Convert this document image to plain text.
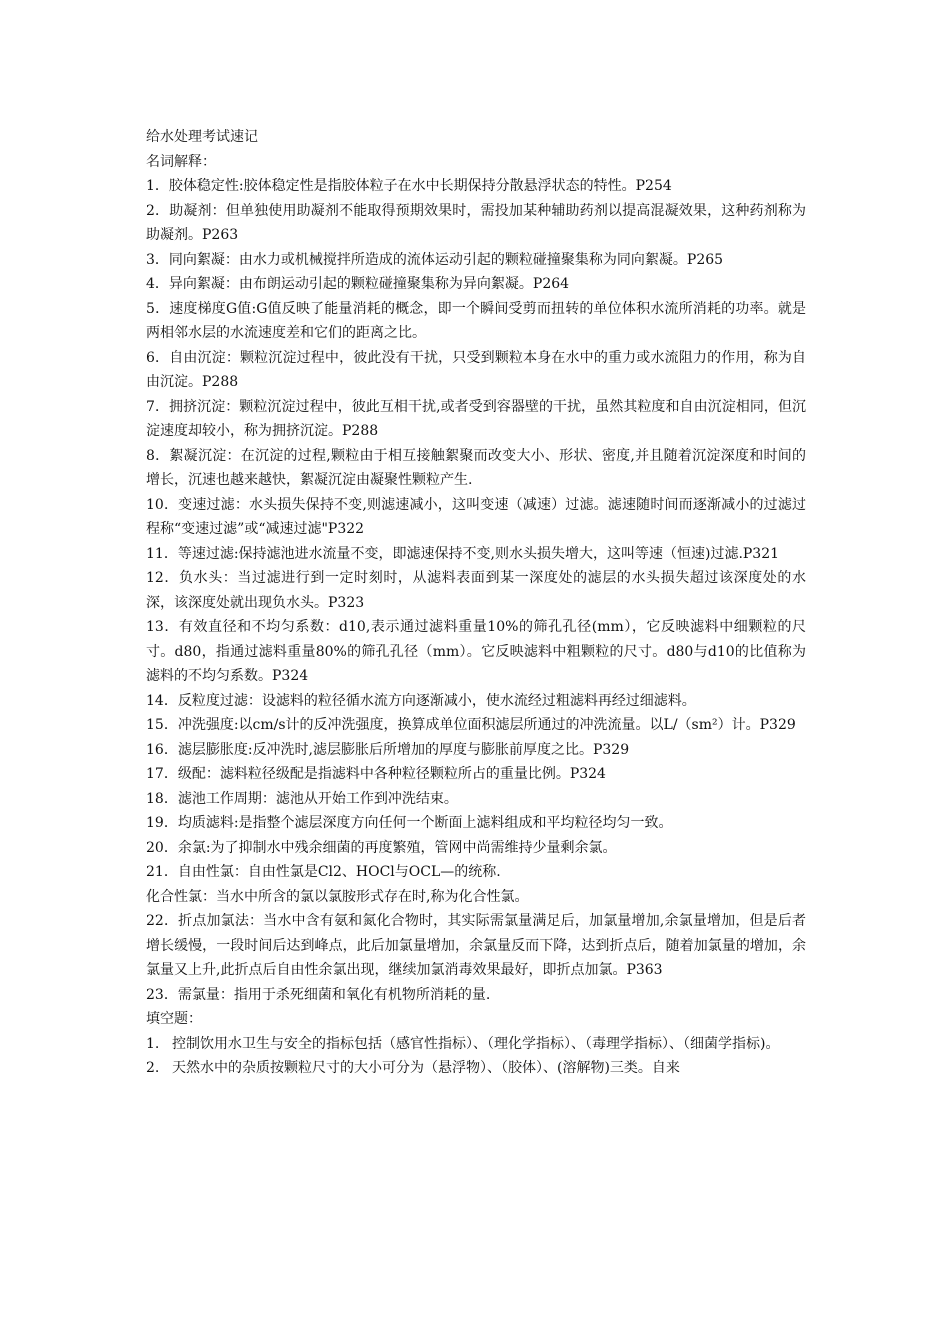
给水处理考试速记
名词解释：
1．胶体稳定性:胶体稳定性是指胶体粒子在水中长期保持分散悬浮状态的特性。P254
2．助凝剂：但单独使用助凝剂不能取得预期效果时，需投加某种辅助药剂以提高混凝效果，这种药剂称为助凝剂。P263
3．同向絮凝：由水力或机械搅拌所造成的流体运动引起的颗粒碰撞聚集称为同向絮凝。P265
4．异向絮凝：由布朗运动引起的颗粒碰撞聚集称为异向絮凝。P264
5．速度梯度G值:G值反映了能量消耗的概念，即一个瞬间受剪而扭转的单位体积水流所消耗的功率。就是两相邻水层的水流速度差和它们的距离之比。
6．自由沉淀：颗粒沉淀过程中，彼此没有干扰，只受到颗粒本身在水中的重力或水流阻力的作用，称为自由沉淀。P288
7．拥挤沉淀：颗粒沉淀过程中，彼此互相干扰,或者受到容器壁的干扰，虽然其粒度和自由沉淀相同，但沉淀速度却较小，称为拥挤沉淀。P288
8．絮凝沉淀：在沉淀的过程,颗粒由于相互接触絮聚而改变大小、形状、密度,并且随着沉淀深度和时间的增长，沉速也越来越快，絮凝沉淀由凝聚性颗粒产生.
10．变速过滤：水头损失保持不变,则滤速减小，这叫变速（减速）过滤。滤速随时间而逐渐减小的过滤过程称“变速过滤”或“减速过滤"P322
11．等速过滤:保持滤池进水流量不变，即滤速保持不变,则水头损失增大，这叫等速（恒速)过滤.P321
12．负水头：当过滤进行到一定时刻时，从滤料表面到某一深度处的滤层的水头损失超过该深度处的水深，该深度处就出现负水头。P323
13．有效直径和不均匀系数：d10,表示通过滤料重量10%的筛孔孔径(mm），它反映滤料中细颗粒的尺寸。d80，指通过滤料重量80%的筛孔孔径（mm）。它反映滤料中粗颗粒的尺寸。d80与d10的比值称为滤料的不均匀系数。P324
14．反粒度过滤：设滤料的粒径循水流方向逐渐减小，使水流经过粗滤料再经过细滤料。
15．冲洗强度:以cm/s计的反冲洗强度，换算成单位面积滤层所通过的冲洗流量。以L/（sm²）计。P329
16．滤层膨胀度:反冲洗时,滤层膨胀后所增加的厚度与膨胀前厚度之比。P329
17．级配：滤料粒径级配是指滤料中各种粒径颗粒所占的重量比例。P324
18．滤池工作周期：滤池从开始工作到冲洗结束。
19．均质滤料:是指整个滤层深度方向任何一个断面上滤料组成和平均粒径均匀一致。
20．余氯:为了抑制水中残余细菌的再度繁殖，管网中尚需维持少量剩余氯。
21．自由性氯：自由性氯是Cl2、HOCl与OCL—的统称.
化合性氯：当水中所含的氯以氯胺形式存在时,称为化合性氯。
22．折点加氯法：当水中含有氨和氮化合物时，其实际需氯量满足后，加氯量增加,余氯量增加，但是后者增长缓慢，一段时间后达到峰点，此后加氯量增加，余氯量反而下降，达到折点后，随着加氯量的增加，余氯量又上升,此折点后自由性余氯出现，继续加氯消毒效果最好，即折点加氯。P363
23．需氯量：指用于杀死细菌和氧化有机物所消耗的量.
填空题：
1. 控制饮用水卫生与安全的指标包括（感官性指标）、（理化学指标）、（毒理学指标）、（细菌学指标)。
2. 天然水中的杂质按颗粒尺寸的大小可分为（悬浮物）、（胶体）、(溶解物)三类。自来
